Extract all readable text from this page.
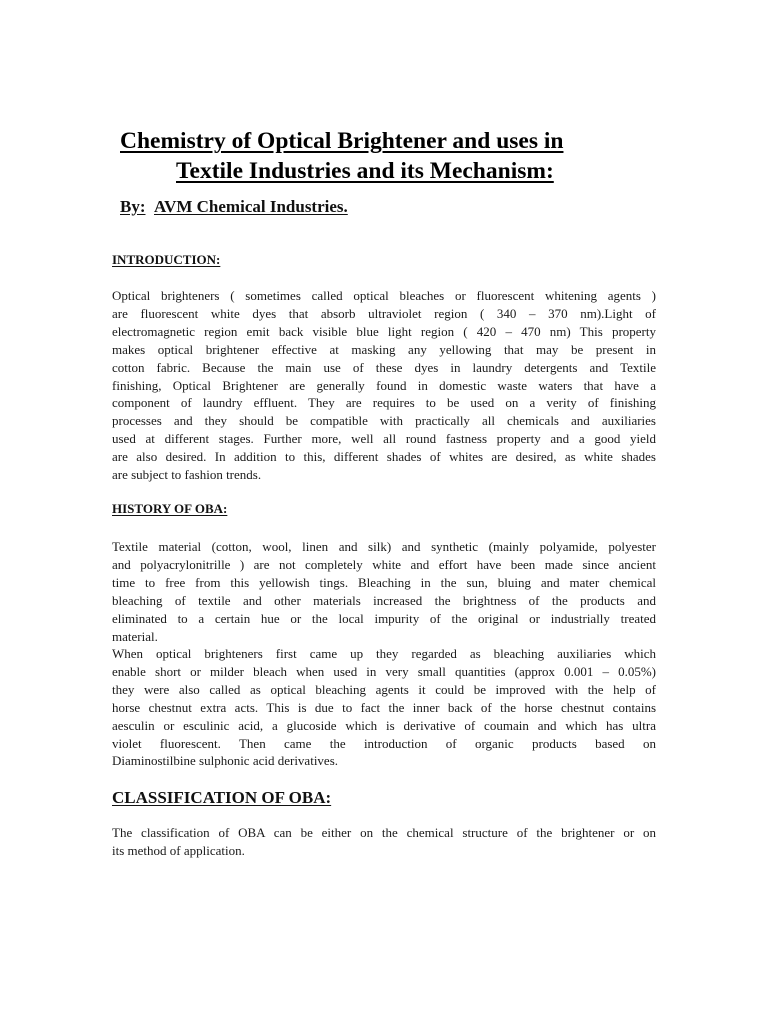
Chemistry of Optical Brightener and uses in
Textile Industries and its Mechanism:

By: AVM Chemical Industries.

INTRODUCTION:
Optical brighteners ( sometimes called optical bleaches or fluorescent whitening agents )
are fluorescent white dyes that absorb ultraviolet region ( 340 – 370 nm).Light of
electromagnetic region emit back visible blue light region ( 420 – 470 nm) This property
makes optical brightener effective at masking any yellowing that may be present in
cotton fabric. Because the main use of these dyes in laundry detergents and Textile
finishing, Optical Brightener are generally found in domestic waste waters that have a
component of laundry effluent. They are requires to be used on a verity of finishing
processes and they should be compatible with practically all chemicals and auxiliaries
used at different stages. Further more, well all round fastness property and a good yield
are also desired. In addition to this, different shades of whites are desired, as white shades
are subject to fashion trends.
HISTORY OF OBA:
Textile material (cotton, wool, linen and silk) and synthetic (mainly polyamide, polyester
and polyacrylonitrille ) are not completely white and effort have been made since ancient
time to free from this yellowish tings. Bleaching in the sun, bluing and mater chemical
bleaching of textile and other materials increased the brightness of the products and
eliminated to a certain hue or the local impurity of the original or industrially treated
material.
When optical brighteners first came up they regarded as bleaching auxiliaries which
enable short or milder bleach when used in very small quantities (approx 0.001 – 0.05%)
they were also called as optical bleaching agents it could be improved with the help of
horse chestnut extra acts. This is due to fact the inner back of the horse chestnut contains
aesculin or esculinic acid, a glucoside which is derivative of coumain and which has ultra
violet fluorescent. Then came the introduction of organic products based on
Diaminostilbine sulphonic acid derivatives.
CLASSIFICATION OF OBA:
The classification of OBA can be either on the chemical structure of the brightener or on
its method of application.
